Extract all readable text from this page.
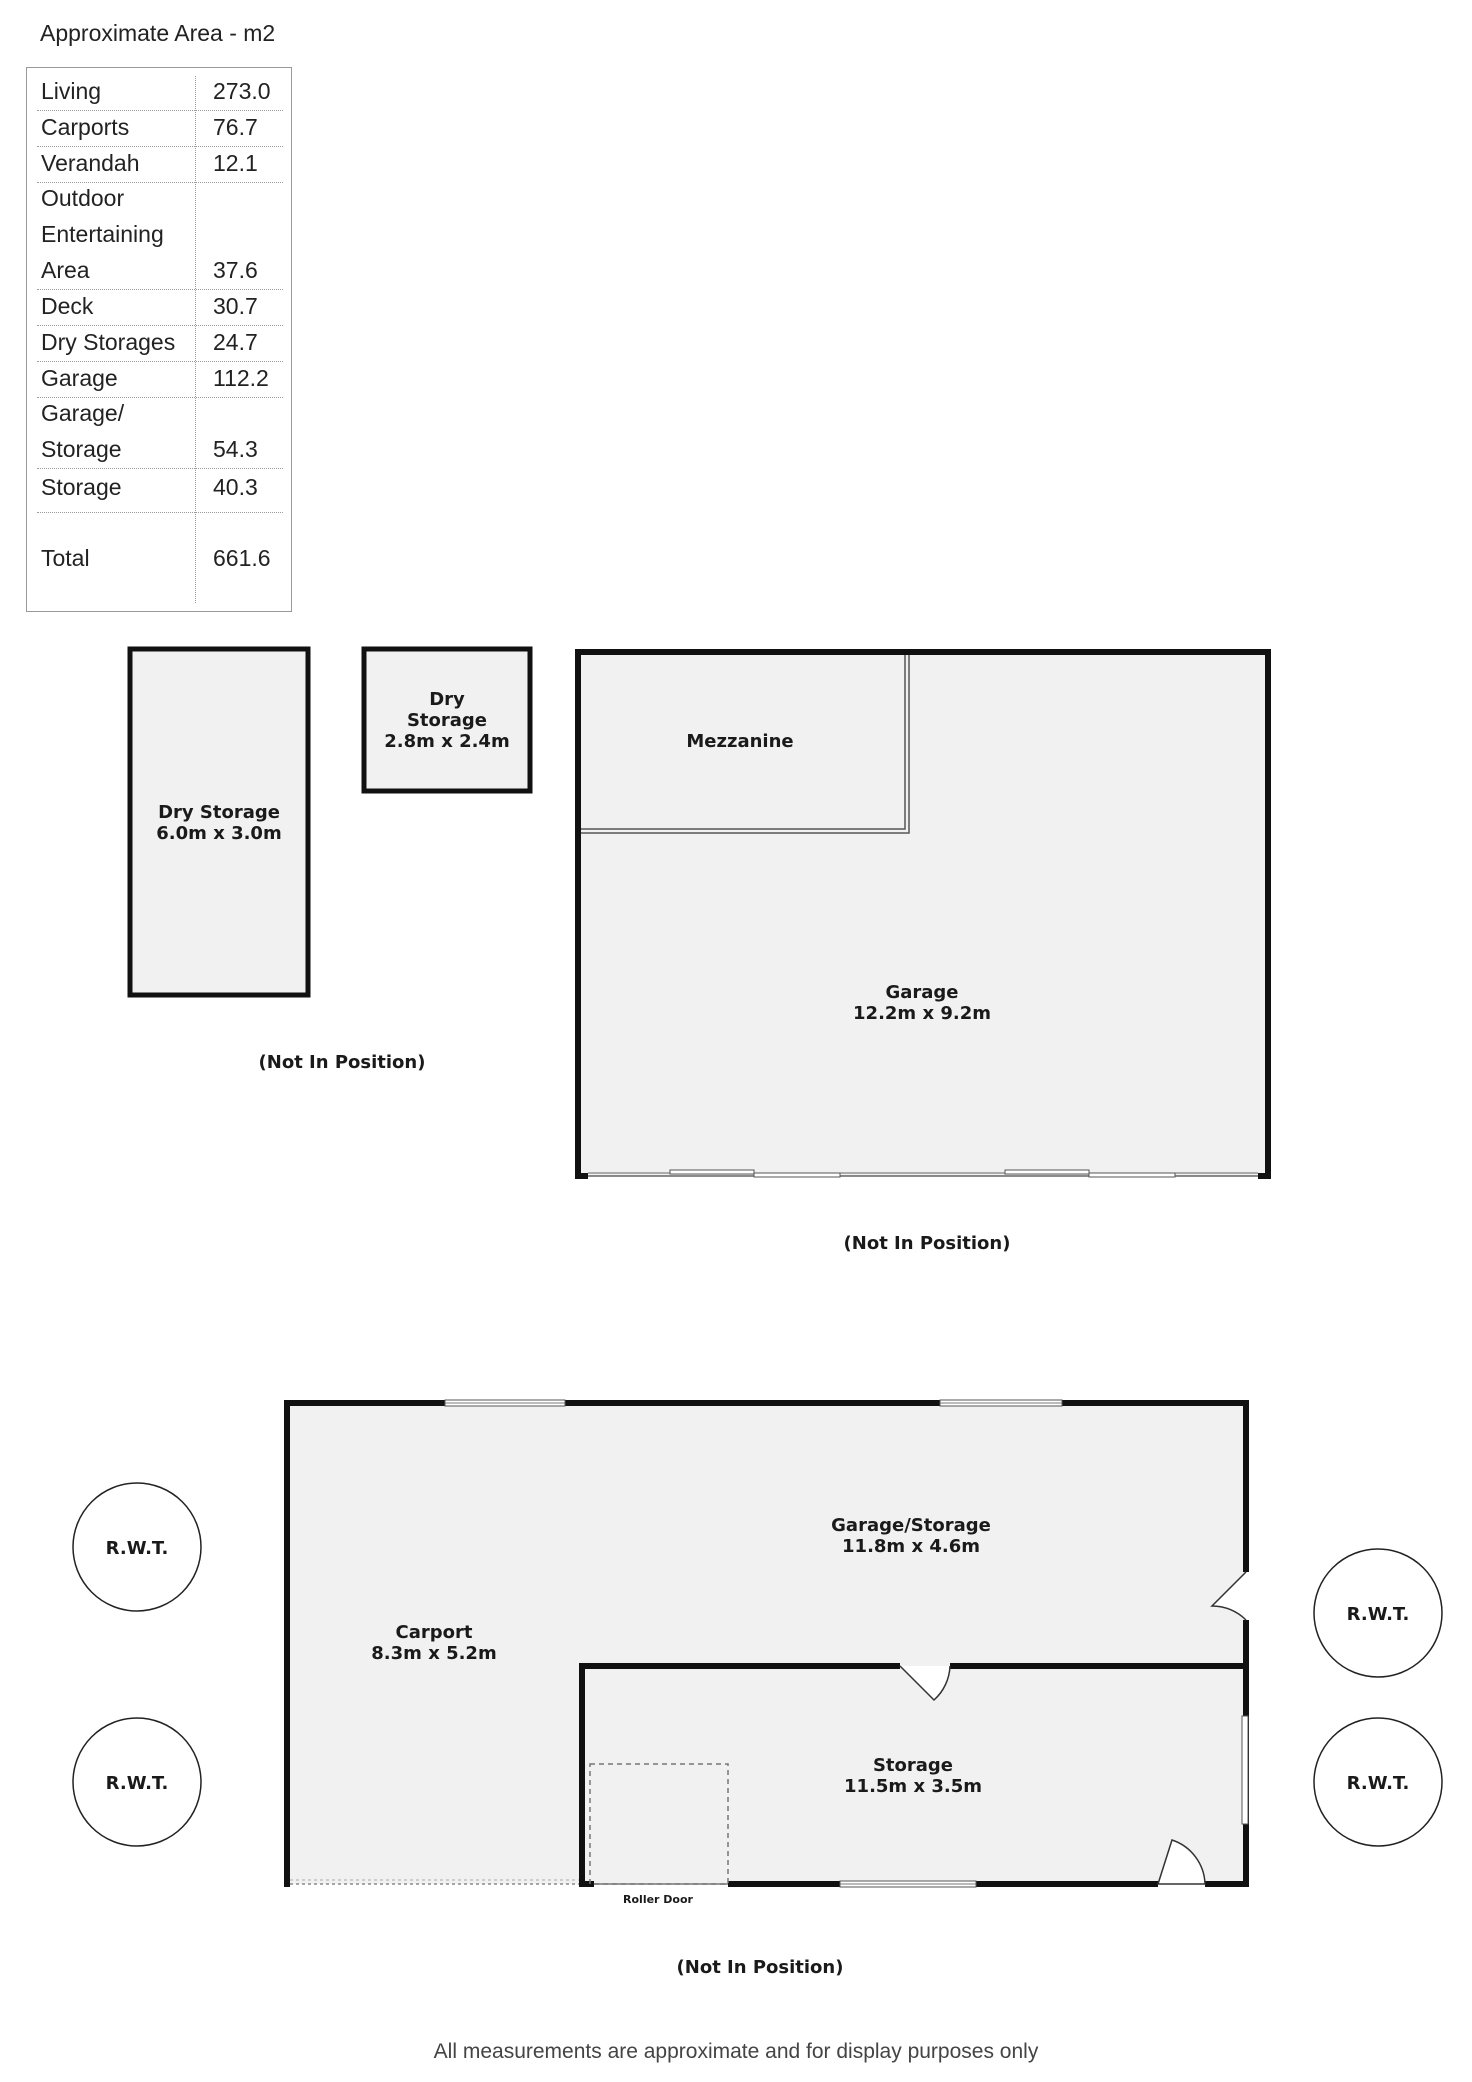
Approximate Area - m2
Living	273.0
Carports	76.7
Verandah	12.1
Outdoor Entertaining Area	37.6
Deck	30.7
Dry Storages	24.7
Garage	112.2
Garage/ Storage	54.3
Storage	40.3
Total	661.6
Dry Storage
6.0m x 3.0m
Dry
Storage
2.8m x 2.4m
(Not In Position)
Mezzanine
Garage
12.2m x 9.2m
(Not In Position)
Roller Door
Garage/Storage
11.8m x 4.6m
Carport
8.3m x 5.2m
Storage
11.5m x 3.5m
R.W.T.
R.W.T.
R.W.T.
R.W.T.
(Not In Position)
All measurements are approximate and for display purposes only
